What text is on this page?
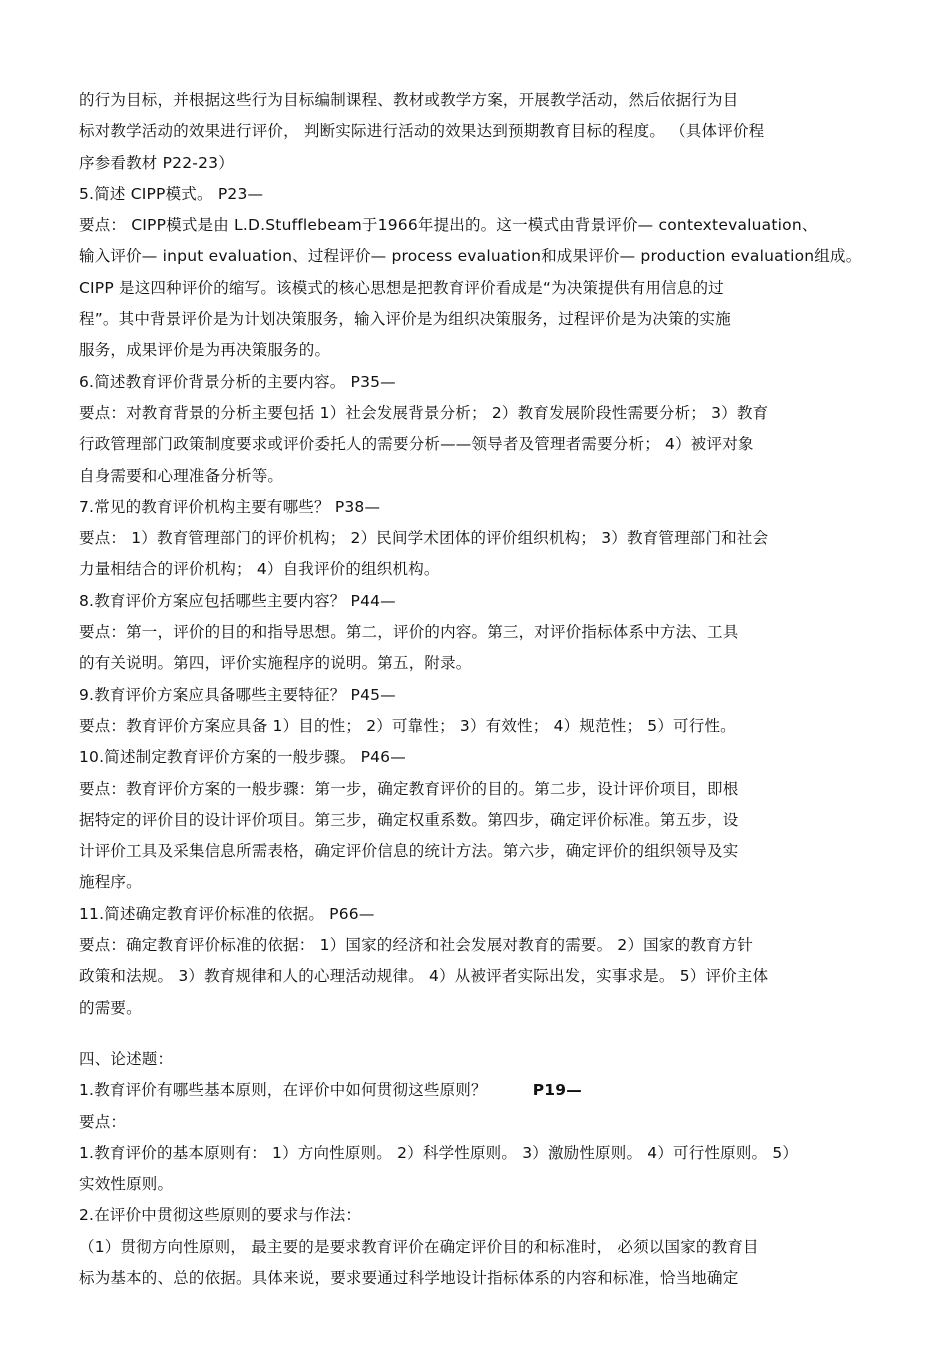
的行为目标，并根据这些行为目标编制课程、教材或教学方案，开展教学活动，然后依据行为目
标对教学活动的效果进行评价， 判断实际进行活动的效果达到预期教育目标的程度。 （具体评价程
序参看教材 P22-23）
5.简述 CIPP模式。 P23—
要点： CIPP模式是由 L.D.Stufflebeam于1966年提出的。这一模式由背景评价— contextevaluation、
输入评价— input evaluation、过程评价— process evaluation和成果评价— production evaluation组成。
CIPP 是这四种评价的缩写。该模式的核心思想是把教育评价看成是“为决策提供有用信息的过
程”。其中背景评价是为计划决策服务，输入评价是为组织决策服务，过程评价是为决策的实施
服务，成果评价是为再决策服务的。
6.简述教育评价背景分析的主要内容。 P35—
要点：对教育背景的分析主要包括 1）社会发展背景分析； 2）教育发展阶段性需要分析； 3）教育
行政管理部门政策制度要求或评价委托人的需要分析——领导者及管理者需要分析； 4）被评对象
自身需要和心理准备分析等。
7.常见的教育评价机构主要有哪些？ P38—
要点： 1）教育管理部门的评价机构； 2）民间学术团体的评价组织机构； 3）教育管理部门和社会
力量相结合的评价机构； 4）自我评价的组织机构。
8.教育评价方案应包括哪些主要内容？ P44—
要点：第一，评价的目的和指导思想。第二，评价的内容。第三，对评价指标体系中方法、工具
的有关说明。第四，评价实施程序的说明。第五，附录。
9.教育评价方案应具备哪些主要特征？ P45—
要点：教育评价方案应具备 1）目的性； 2）可靠性； 3）有效性； 4）规范性； 5）可行性。
10.简述制定教育评价方案的一般步骤。 P46—
要点：教育评价方案的一般步骤：第一步，确定教育评价的目的。第二步，设计评价项目，即根
据特定的评价目的设计评价项目。第三步，确定权重系数。第四步，确定评价标准。第五步，设
计评价工具及采集信息所需表格，确定评价信息的统计方法。第六步，确定评价的组织领导及实
施程序。
11.简述确定教育评价标准的依据。 P66—
要点：确定教育评价标准的依据： 1）国家的经济和社会发展对教育的需要。 2）国家的教育方针
政策和法规。 3）教育规律和人的心理活动规律。 4）从被评者实际出发，实事求是。 5）评价主体
的需要。
四、论述题：
1.教育评价有哪些基本原则，在评价中如何贯彻这些原则？	P19—
要点：
1.教育评价的基本原则有： 1）方向性原则。 2）科学性原则。 3）激励性原则。 4）可行性原则。 5）
实效性原则。
2.在评价中贯彻这些原则的要求与作法：
（1）贯彻方向性原则， 最主要的是要求教育评价在确定评价目的和标准时， 必须以国家的教育目
标为基本的、总的依据。具体来说，要求要通过科学地设计指标体系的内容和标准，恰当地确定
